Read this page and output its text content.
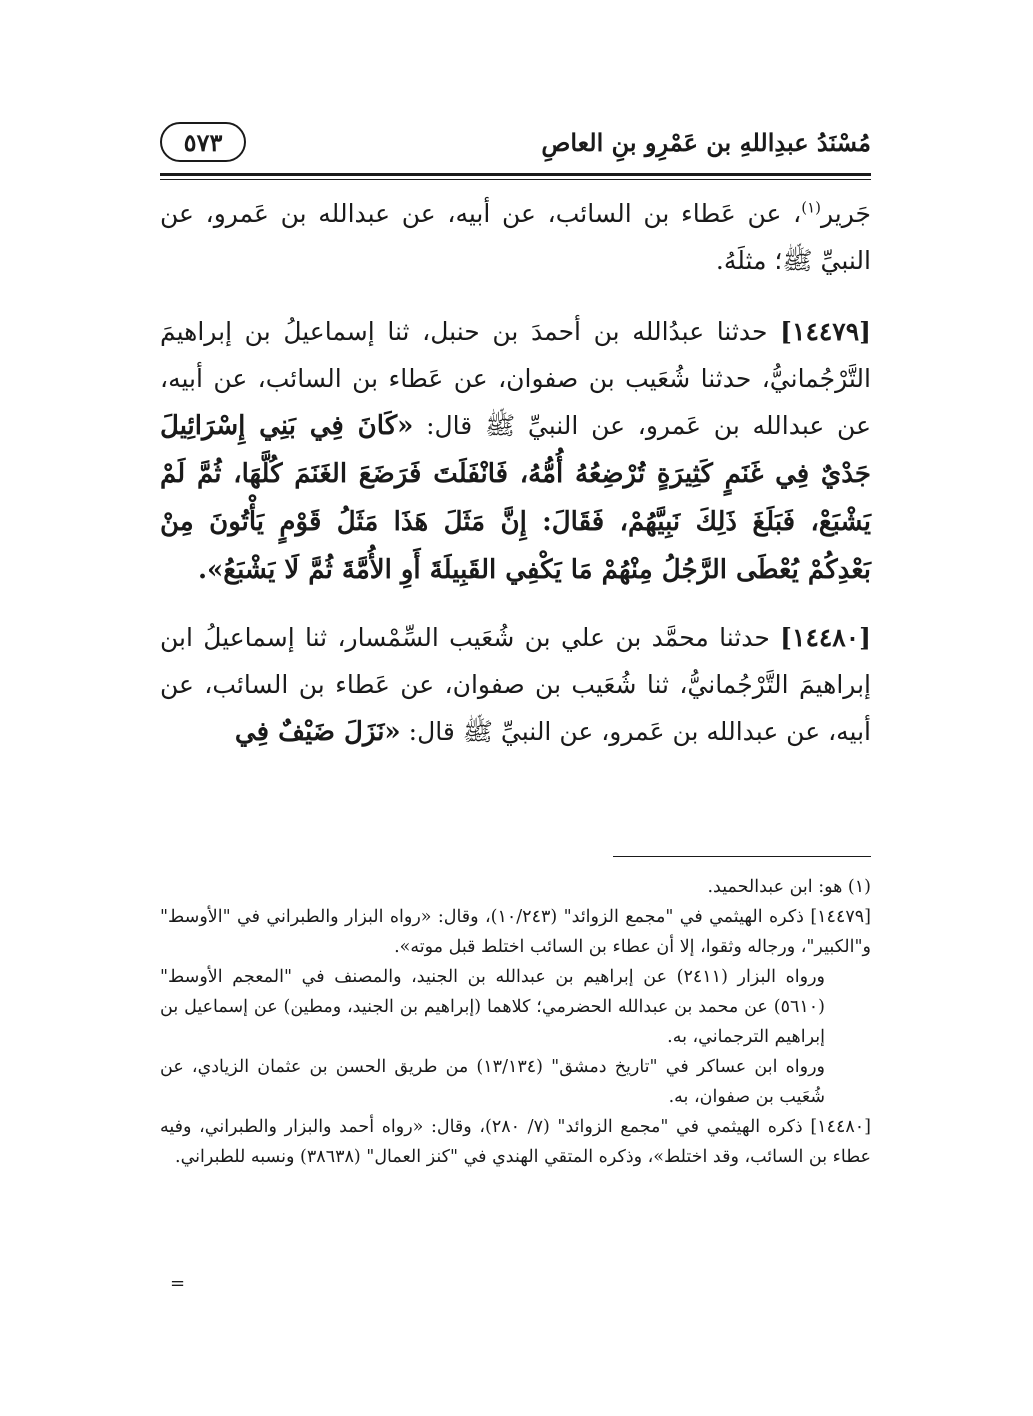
مُسْنَدُ عبدِاللهِ بن عَمْرِو بنِ العاصِ
٥٧٣

جَرير$^{(١)}$، عن عَطاء بن السائب، عن أبيه، عن عبدالله بن عَمرو، عن النبيِّ ﷺ؛ مثلَهُ.

[١٤٤٧٩] حدثنا عبدُالله بن أحمدَ بن حنبل، ثنا إسماعيلُ بن إبراهيمَ التَّرْجُمانيُّ، حدثنا شُعَيب بن صفوان، عن عَطاء بن السائب، عن أبيه، عن عبدالله بن عَمرو، عن النبيِّ ﷺ قال: «كَانَ فِي بَنِي إِسْرَائِيلَ جَدْيٌ فِي غَنَمٍ كَثِيرَةٍ تُرْضِعُهُ أُمُّهُ، فَانْفَلَتَ فَرَضَعَ الغَنَمَ كُلَّهَا، ثُمَّ لَمْ يَشْبَعْ، فَبَلَغَ ذَلِكَ نَبِيَّهُمْ، فَقَالَ: إِنَّ مَثَلَ هَذَا مَثَلُ قَوْمٍ يَأْتُونَ مِنْ بَعْدِكُمْ يُعْطَى الرَّجُلُ مِنْهُمْ مَا يَكْفِي القَبِيلَةَ أَوِ الأُمَّةَ ثُمَّ لَا يَشْبَعُ».

[١٤٤٨٠] حدثنا محمَّد بن علي بن شُعَيب السِّمْسار، ثنا إسماعيلُ ابن إبراهيمَ التَّرْجُمانيُّ، ثنا شُعَيب بن صفوان، عن عَطاء بن السائب، عن أبيه، عن عبدالله بن عَمرو، عن النبيِّ ﷺ قال: «نَزَلَ ضَيْفٌ فِي

(١) هو: ابن عبدالحميد.

[١٤٤٧٩] ذكره الهيثمي في "مجمع الزوائد" (١٠/٢٤٣)، وقال: «رواه البزار والطبراني في "الأوسط" و"الكبير"، ورجاله وثقوا، إلا أن عطاء بن السائب اختلط قبل موته».

ورواه البزار (٢٤١١) عن إبراهيم بن عبدالله بن الجنيد، والمصنف في "المعجم الأوسط" (٥٦١٠) عن محمد بن عبدالله الحضرمي؛ كلاهما (إبراهيم بن الجنيد، ومطين) عن إسماعيل بن إبراهيم الترجماني، به.

ورواه ابن عساكر في "تاريخ دمشق" (١٣/١٣٤) من طريق الحسن بن عثمان الزيادي، عن شُعَيب بن صفوان، به.

[١٤٤٨٠] ذكره الهيثمي في "مجمع الزوائد" (٧/ ٢٨٠)، وقال: «رواه أحمد والبزار والطبراني، وفيه عطاء بن السائب، وقد اختلط»، وذكره المتقي الهندي في "كنز العمال" (٣٨٦٣٨) ونسبه للطبراني.

=
